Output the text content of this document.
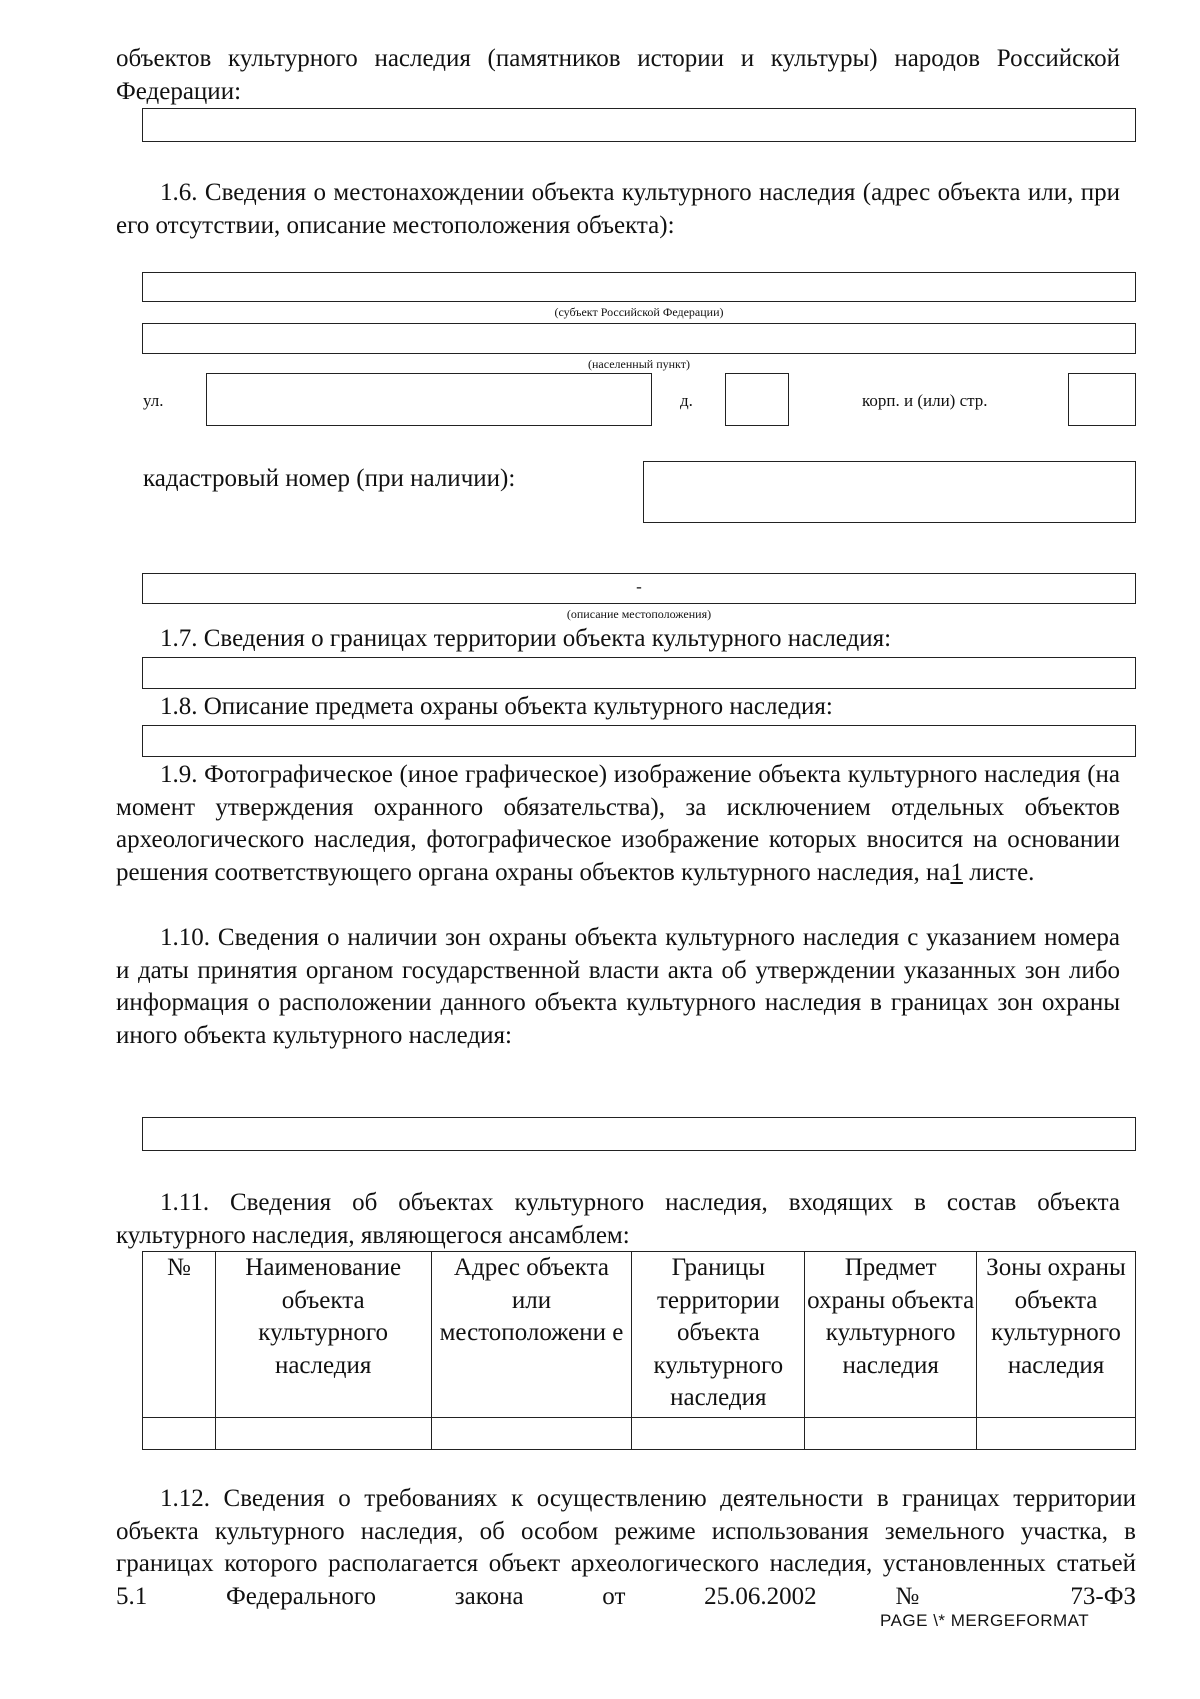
объектов культурного наследия (памятников истории и культуры) народов Российской Федерации:

1.6. Сведения о местонахождении объекта культурного наследия (адрес объекта или, при его отсутствии, описание местоположения объекта):

(субъект Российской Федерации)
(населенный пункт)
ул.	д.	корп. и (или) стр.
кадастровый номер (при наличии):
-
(описание местоположения)

1.7. Сведения о границах территории объекта культурного наследия:

1.8. Описание предмета охраны объекта культурного наследия:

1.9. Фотографическое (иное графическое) изображение объекта культурного наследия (на момент утверждения охранного обязательства), за исключением отдельных объектов археологического наследия, фотографическое изображение которых вносится на основании решения соответствующего органа охраны объектов культурного наследия, на1 листе.

1.10. Сведения о наличии зон охраны объекта культурного наследия с указанием номера и даты принятия органом государственной власти акта об утверждении указанных зон либо информация о расположении данного объекта культурного наследия в границах зон охраны иного объекта культурного наследия:

1.11. Сведения об объектах культурного наследия, входящих в состав объекта культурного наследия, являющегося ансамблем:

№	Наименование объекта культурного наследия	Адрес объекта или местоположени е	Границы территории объекта культурного наследия	Предмет охраны объекта культурного наследия	Зоны охраны объекта культурного наследия

1.12. Сведения о требованиях к осуществлению деятельности в границах территории объекта культурного наследия, об особом режиме использования земельного участка, в границах которого располагается объект археологического наследия, установленных статьей 5.1 Федерального закона от 25.06.2002 № 73-ФЗ

PAGE \* MERGEFORMAT
